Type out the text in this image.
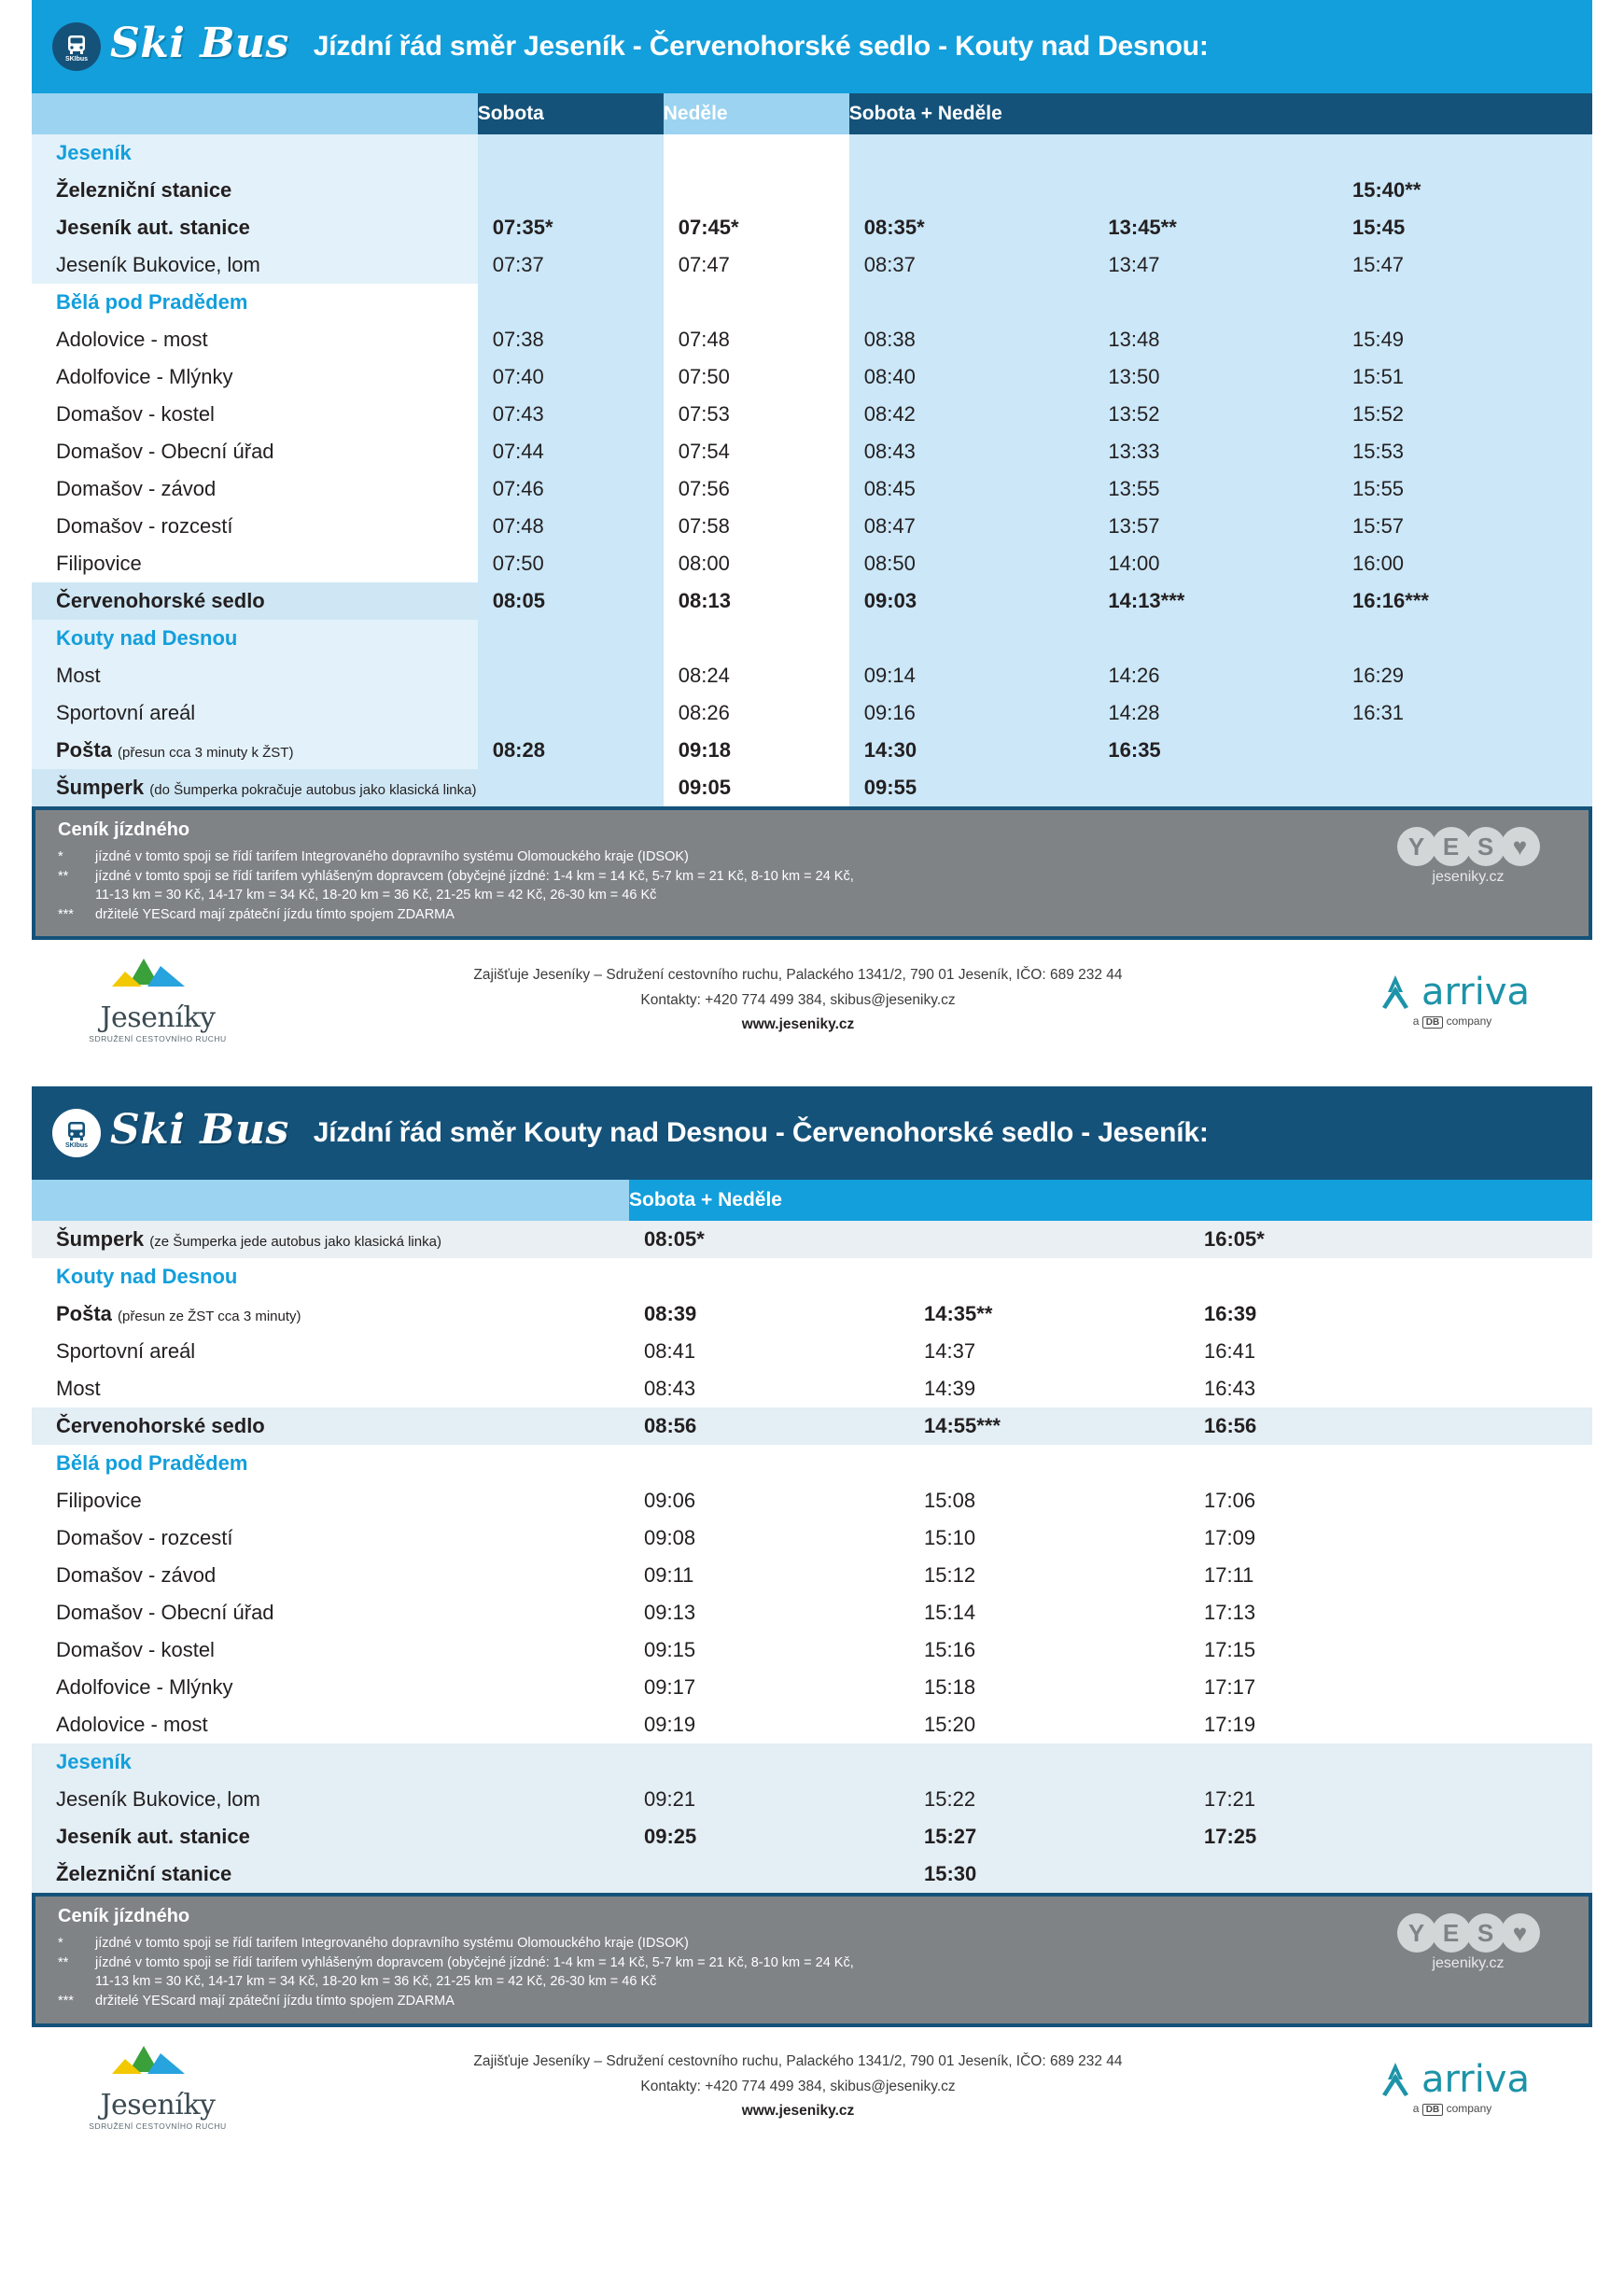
SKIbus Ski Bus Jízdní řád směr Jeseník - Červenohorské sedlo - Kouty nad Desnou:
	Sobota	Neděle	Sobota + Neděle		
Jeseník					
Železniční stanice					15:40**
Jeseník aut. stanice	07:35*	07:45*	08:35*	13:45**	15:45
Jeseník Bukovice, lom	07:37	07:47	08:37	13:47	15:47
Bělá pod Pradědem					
Adolovice - most	07:38	07:48	08:38	13:48	15:49
Adolfovice - Mlýnky	07:40	07:50	08:40	13:50	15:51
Domašov - kostel	07:43	07:53	08:42	13:52	15:52
Domašov - Obecní úřad	07:44	07:54	08:43	13:33	15:53
Domašov - závod	07:46	07:56	08:45	13:55	15:55
Domašov - rozcestí	07:48	07:58	08:47	13:57	15:57
Filipovice	07:50	08:00	08:50	14:00	16:00
Červenohorské sedlo	08:05	08:13	09:03	14:13***	16:16***
Kouty nad Desnou					
Most		08:24	09:14	14:26	16:29
Sportovní areál		08:26	09:16	14:28	16:31
Pošta (přesun cca 3 minuty k ŽST)	08:28	09:18	14:30	16:35	
Šumperk (do Šumperka pokračuje autobus jako klasická linka)		09:05	09:55		
Ceník jízdného
*	jízdné v tomto spoji se řídí tarifem Integrovaného dopravního systému Olomouckého kraje (IDSOK)
**	jízdné v tomto spoji se řídí tarifem vyhlášeným dopravcem (obyčejné jízdné: 1-4 km = 14 Kč, 5-7 km = 21 Kč, 8-10 km = 24 Kč,
11-13 km = 30 Kč, 14-17 km = 34 Kč, 18-20 km = 36 Kč, 21-25 km = 42 Kč, 26-30 km = 46 Kč
***	držitelé YEScard mají zpáteční jízdu tímto spojem ZDARMA
Y E S ♥
jeseniky.cz
Jeseníky
SDRUŽENÍ CESTOVNÍHO RUCHU
Zajišťuje Jeseníky – Sdružení cestovního ruchu, Palackého 1341/2, 790 01 Jeseník, IČO: 689 232 44
Kontakty: +420 774 499 384, skibus@jeseniky.cz
www.jeseniky.cz
arriva
a DB company
SKIbus Ski Bus Jízdní řád směr Kouty nad Desnou - Červenohorské sedlo - Jeseník:
	Sobota + Neděle		
Šumperk (ze Šumperka jede autobus jako klasická linka)	08:05*		16:05*
Kouty nad Desnou			
Pošta (přesun ze ŽST cca 3 minuty)	08:39	14:35**	16:39
Sportovní areál	08:41	14:37	16:41
Most	08:43	14:39	16:43
Červenohorské sedlo	08:56	14:55***	16:56
Bělá pod Pradědem			
Filipovice	09:06	15:08	17:06
Domašov - rozcestí	09:08	15:10	17:09
Domašov - závod	09:11	15:12	17:11
Domašov - Obecní úřad	09:13	15:14	17:13
Domašov - kostel	09:15	15:16	17:15
Adolfovice - Mlýnky	09:17	15:18	17:17
Adolovice - most	09:19	15:20	17:19
Jeseník			
Jeseník Bukovice, lom	09:21	15:22	17:21
Jeseník aut. stanice	09:25	15:27	17:25
Železniční stanice		15:30	
Ceník jízdného
*	jízdné v tomto spoji se řídí tarifem Integrovaného dopravního systému Olomouckého kraje (IDSOK)
**	jízdné v tomto spoji se řídí tarifem vyhlášeným dopravcem (obyčejné jízdné: 1-4 km = 14 Kč, 5-7 km = 21 Kč, 8-10 km = 24 Kč,
11-13 km = 30 Kč, 14-17 km = 34 Kč, 18-20 km = 36 Kč, 21-25 km = 42 Kč, 26-30 km = 46 Kč
***	držitelé YEScard mají zpáteční jízdu tímto spojem ZDARMA
Y E S ♥
jeseniky.cz
Jeseníky
SDRUŽENÍ CESTOVNÍHO RUCHU
Zajišťuje Jeseníky – Sdružení cestovního ruchu, Palackého 1341/2, 790 01 Jeseník, IČO: 689 232 44
Kontakty: +420 774 499 384, skibus@jeseniky.cz
www.jeseniky.cz
arriva
a DB company
